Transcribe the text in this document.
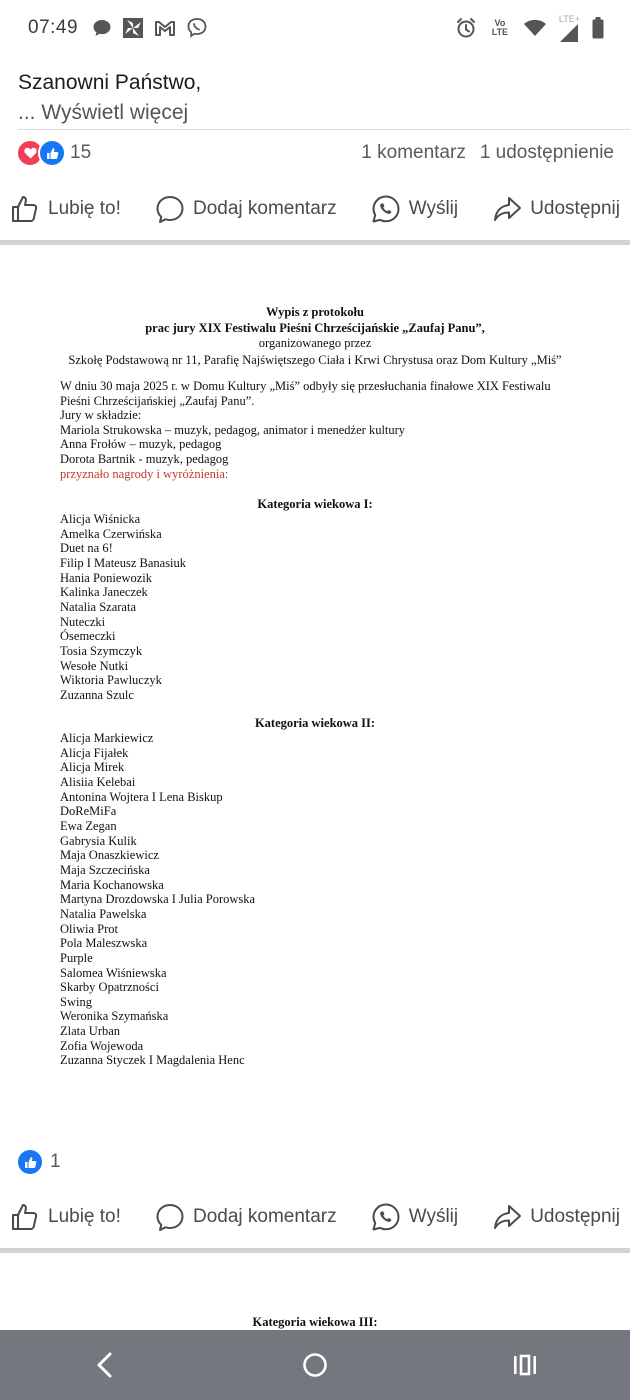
07:49	Vo LTE
LTE+
Szanowni Państwo,
... Wyświetl więcej
15	1 komentarz 1 udostępnienie
Lubię to!	Dodaj komentarz	Wyślij	Udostępnij
Wypis z protokołu
prac jury XIX Festiwalu Pieśni Chrześcijańskie „Zaufaj Panu”,
organizowanego przez
Szkołę Podstawową nr 11, Parafię Najświętszego Ciała i Krwi Chrystusa oraz Dom Kultury „Miś”
W dniu 30 maja 2025 r. w Domu Kultury „Miś” odbyły się przesłuchania finałowe XIX Festiwalu
Pieśni Chrześcijańskiej „Zaufaj Panu”.
Jury w składzie:
Mariola Strukowska – muzyk, pedagog, animator i menedżer kultury
Anna Frołów – muzyk, pedagog
Dorota Bartnik - muzyk, pedagog
przyznało nagrody i wyróżnienia:
Kategoria wiekowa I:
Alicja Wiśnicka
Amelka Czerwińska
Duet na 6!
Filip I Mateusz Banasiuk
Hania Poniewozik
Kalinka Janeczek
Natalia Szarata
Nuteczki
Ósemeczki
Tosia Szymczyk
Wesołe Nutki
Wiktoria Pawluczyk
Zuzanna Szulc
Kategoria wiekowa II:
Alicja Markiewicz
Alicja Fijałek
Alicja Mirek
Alisiia Kelebai
Antonina Wojtera I Lena Biskup
DoReMiFa
Ewa Zegan
Gabrysia Kulik
Maja Onaszkiewicz
Maja Szczecińska
Maria Kochanowska
Martyna Drozdowska I Julia Porowska
Natalia Pawelska
Oliwia Prot
Pola Maleszwska
Purple
Salomea Wiśniewska
Skarby Opatrzności
Swing
Weronika Szymańska
Zlata Urban
Zofia Wojewoda
Zuzanna Styczek I Magdalenia Henc
1
Lubię to!	Dodaj komentarz	Wyślij	Udostępnij
Kategoria wiekowa III:
